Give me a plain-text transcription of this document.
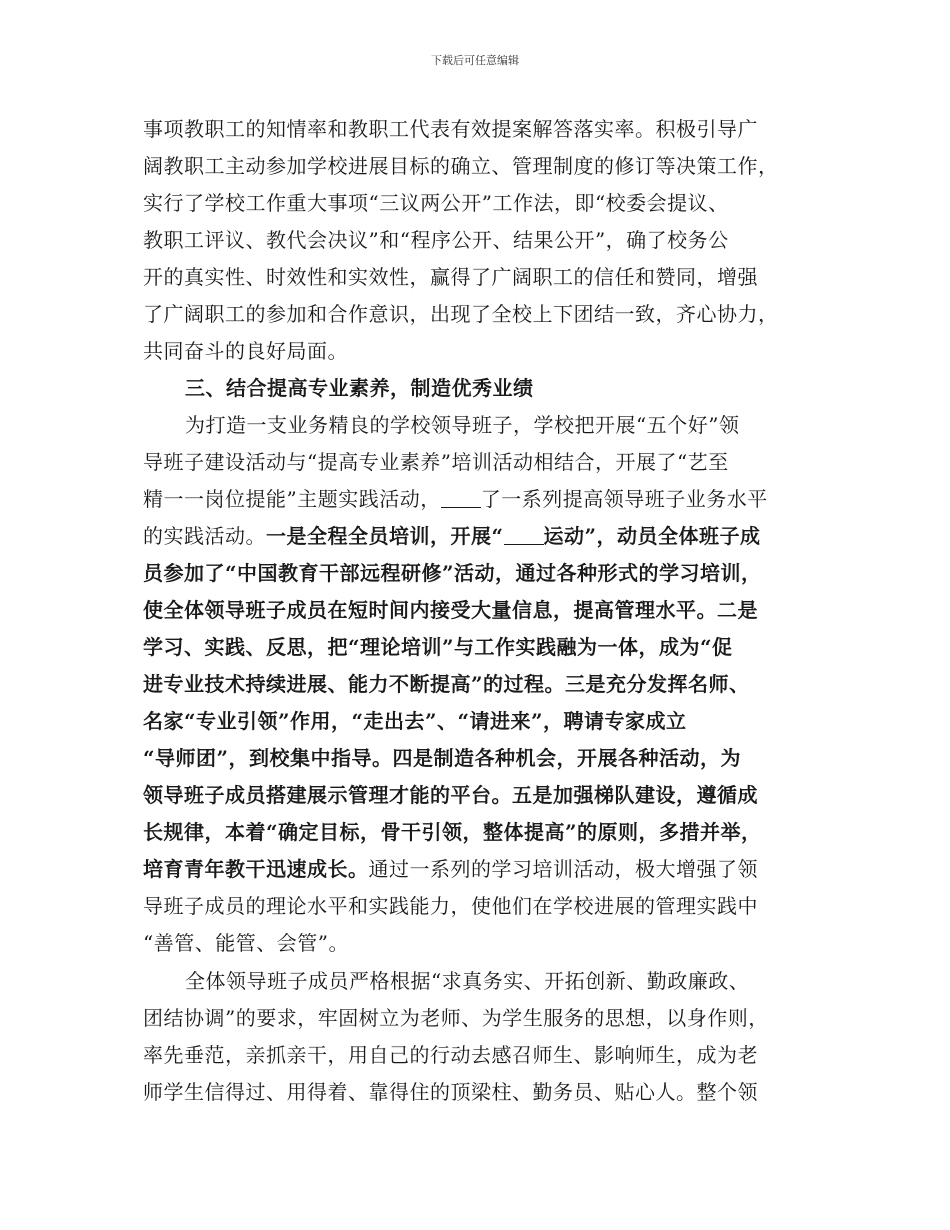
下载后可任意编辑
事项教职工的知情率和教职工代表有效提案解答落实率。积极引导广
阔教职工主动参加学校进展目标的确立、管理制度的修订等决策工作，
实行了学校工作重大事项“三议两公开”工作法，即“校委会提议、
教职工评议、教代会决议”和“程序公开、结果公开”，确了校务公
开的真实性、时效性和实效性，赢得了广阔职工的信任和赞同，增强
了广阔职工的参加和合作意识，出现了全校上下团结一致，齐心协力，
共同奋斗的良好局面。
三、结合提高专业素养，制造优秀业绩
为打造一支业务精良的学校领导班子，学校把开展“五个好”领
导班子建设活动与“提高专业素养”培训活动相结合，开展了“艺至
精一一岗位提能”主题实践活动， 了一系列提高领导班子业务水平
的实践活动。一是全程全员培训，开展“ 运动”，动员全体班子成
员参加了“中国教育干部远程研修”活动，通过各种形式的学习培训，
使全体领导班子成员在短时间内接受大量信息，提高管理水平。二是
学习、实践、反思，把“理论培训”与工作实践融为一体，成为“促
进专业技术持续进展、能力不断提高”的过程。三是充分发挥名师、
名家“专业引领”作用，“走出去”、“请进来”，聘请专家成立
“导师团”，到校集中指导。四是制造各种机会，开展各种活动，为
领导班子成员搭建展示管理才能的平台。五是加强梯队建设，遵循成
长规律，本着“确定目标，骨干引领，整体提高”的原则，多措并举，
培育青年教干迅速成长。通过一系列的学习培训活动，极大增强了领
导班子成员的理论水平和实践能力，使他们在学校进展的管理实践中
“善管、能管、会管”。
全体领导班子成员严格根据“求真务实、开拓创新、勤政廉政、
团结协调”的要求，牢固树立为老师、为学生服务的思想，以身作则，
率先垂范，亲抓亲干，用自己的行动去感召师生、影响师生，成为老
师学生信得过、用得着、靠得住的顶梁柱、勤务员、贴心人。整个领
